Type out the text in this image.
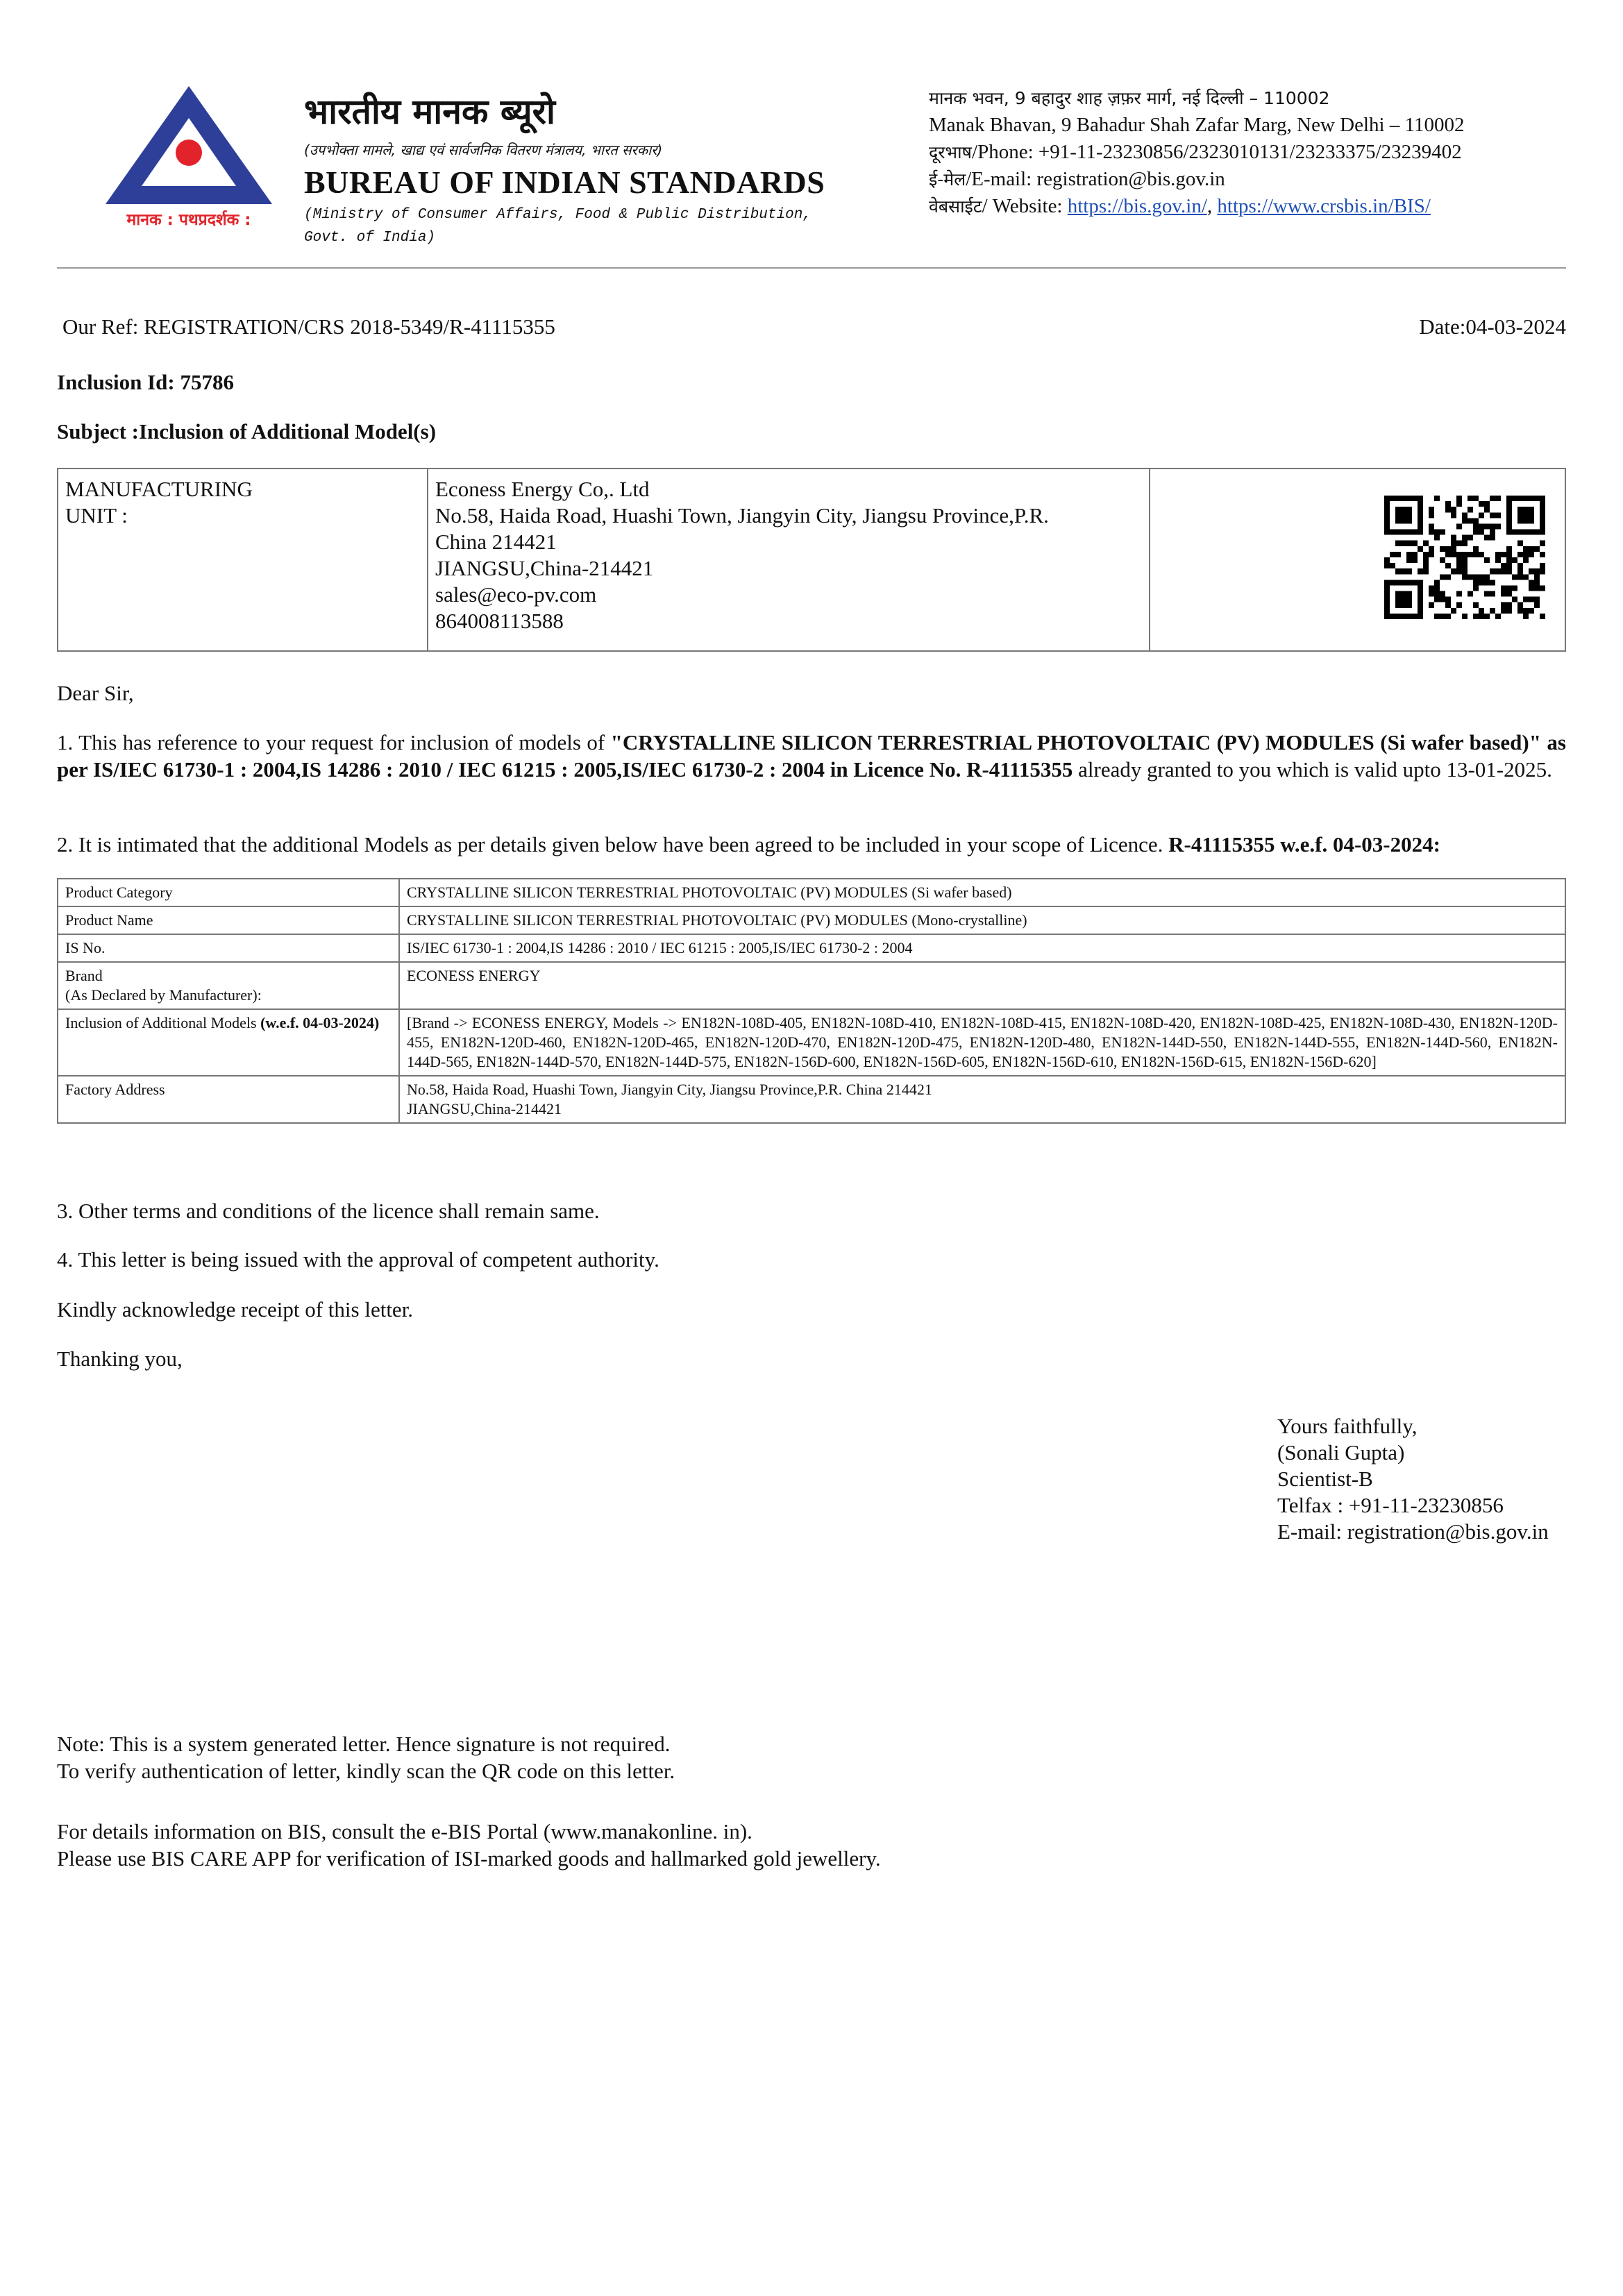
मानक : पथप्रदर्शक :
भारतीय मानक ब्यूरो
(उपभोक्ता मामले, खाद्य एवं सार्वजनिक वितरण मंत्रालय, भारत सरकार)
BUREAU OF INDIAN STANDARDS
(Ministry of Consumer Affairs, Food & Public Distribution,
Govt. of India)
मानक भवन, 9 बहादुर शाह ज़फ़र मार्ग, नई दिल्ली – 110002
Manak Bhavan, 9 Bahadur Shah Zafar Marg, New Delhi – 110002
दूरभाष/Phone: +91-11-23230856/2323010131/23233375/23239402
ई-मेल/E-mail: registration@bis.gov.in
वेबसाईट/ Website: https://bis.gov.in/, https://www.crsbis.in/BIS/
Our Ref: REGISTRATION/CRS 2018-5349/R-41115355	Date:04-03-2024
Inclusion Id: 75786
Subject :Inclusion of Additional Model(s)
MANUFACTURING
UNIT :
Econess Energy Co,. Ltd
No.58, Haida Road, Huashi Town, Jiangyin City, Jiangsu Province,P.R.
China 214421
JIANGSU,China-214421
sales@eco-pv.com
864008113588
Dear Sir,
1. This has reference to your request for inclusion of models of "CRYSTALLINE SILICON TERRESTRIAL PHOTOVOLTAIC (PV) MODULES (Si wafer based)" as per IS/IEC 61730-1 : 2004,IS 14286 : 2010 / IEC 61215 : 2005,IS/IEC 61730-2 : 2004 in Licence No. R-41115355 already granted to you which is valid upto 13-01-2025.
2. It is intimated that the additional Models as per details given below have been agreed to be included in your scope of Licence. R-41115355 w.e.f. 04-03-2024:
Product Category	CRYSTALLINE SILICON TERRESTRIAL PHOTOVOLTAIC (PV) MODULES (Si wafer based)
Product Name	CRYSTALLINE SILICON TERRESTRIAL PHOTOVOLTAIC (PV) MODULES (Mono-crystalline)
IS No.	IS/IEC 61730-1 : 2004,IS 14286 : 2010 / IEC 61215 : 2005,IS/IEC 61730-2 : 2004

Brand
(As Declared by Manufacturer):	ECONESS ENERGY
Inclusion of Additional Models (w.e.f. 04-03-2024)	[Brand -> ECONESS ENERGY, Models -> EN182N-108D-405, EN182N-108D-410, EN182N-108D-415, EN182N-108D-420, EN182N-108D-425, EN182N-108D-430, EN182N-120D-455, EN182N-120D-460, EN182N-120D-465, EN182N-120D-470, EN182N-120D-475, EN182N-120D-480, EN182N-144D-550, EN182N-144D-555, EN182N-144D-560, EN182N-144D-565, EN182N-144D-570, EN182N-144D-575, EN182N-156D-600, EN182N-156D-605, EN182N-156D-610, EN182N-156D-615, EN182N-156D-620]
Factory Address	No.58, Haida Road, Huashi Town, Jiangyin City, Jiangsu Province,P.R. China 214421
JIANGSU,China-214421
3. Other terms and conditions of the licence shall remain same.
4. This letter is being issued with the approval of competent authority.
Kindly acknowledge receipt of this letter.
Thanking you,
Yours faithfully,
(Sonali Gupta)
Scientist-B
Telfax : +91-11-23230856
E-mail: registration@bis.gov.in
Note: This is a system generated letter. Hence signature is not required.
To verify authentication of letter, kindly scan the QR code on this letter.
For details information on BIS, consult the e-BIS Portal (www.manakonline. in).
Please use BIS CARE APP for verification of ISI-marked goods and hallmarked gold jewellery.
